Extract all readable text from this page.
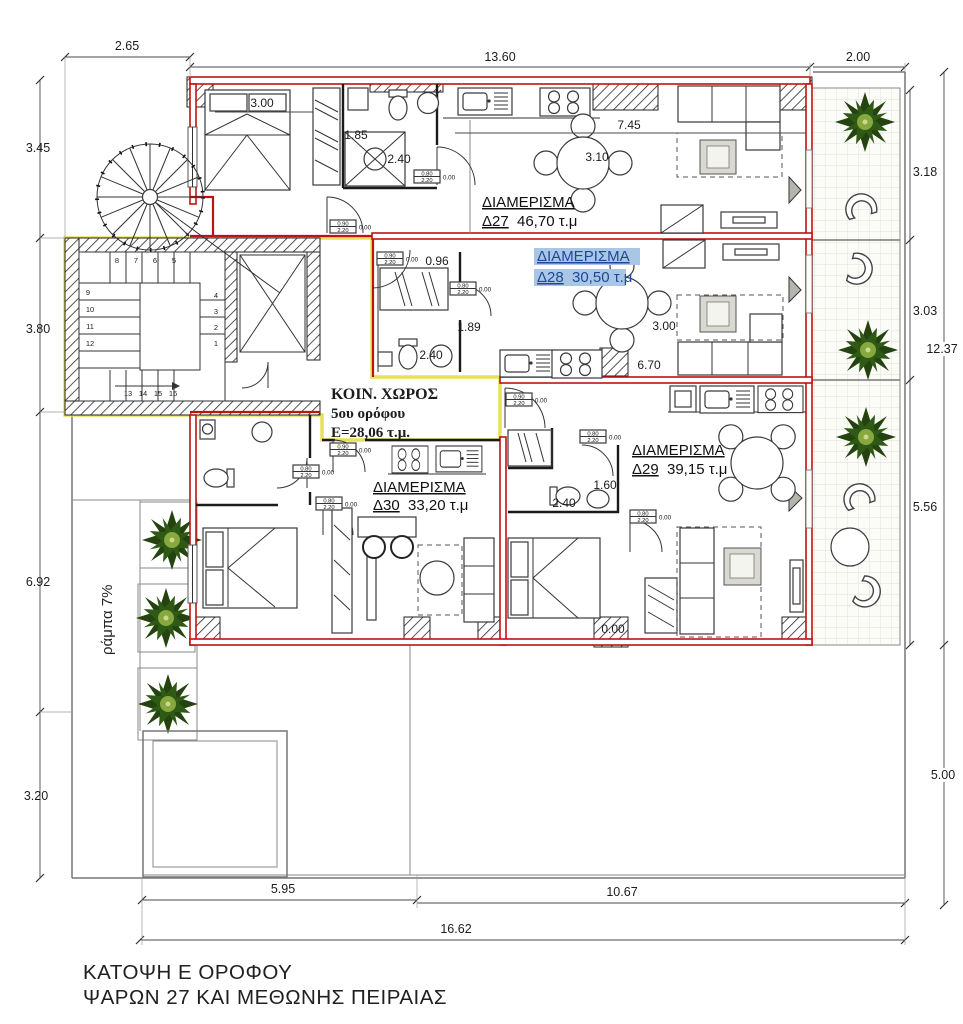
8 7 6 5
9
10
11
12
4
3
2
1
13 14 15 16
0.80
2.20 0.00
0.90
2.20 0.00
0.90
2.20 0.00
0.80
2.20 0.00
0.90
2.20 0.00
0.80
2.20 0.00
0.80
2.20 0.00
0.80
2.20 0.00
0.90
2.20 0.00
0.80
2.20 0.00
3.00
1.85
2.40
7.45
3.10
0.96
1.89
2.40
3.00
6.70
1.60
2.40
0.00
ΔΙΑΜΕΡΙΣΜΑ
Δ27 46,70 τ.μ
ΔΙΑΜΕΡΙΣΜΑ
Δ28 30,50 τ.μ
ΔΙΑΜΕΡΙΣΜΑ
Δ29 39,15 τ.μ
ΔΙΑΜΕΡΙΣΜΑ
Δ30 33,20 τ.μ
ΚΟΙΝ. ΧΩΡΟΣ
5ου ορόφου
Ε=28,06 τ.μ.
ράμπα 7%
2.65
13.60	2.00
3.45
3.80
6.92
3.20
3.18
3.03
5.56
12.37
5.00
5.95	10.67
16.62
ΚΑΤΟΨΗ Ε ΟΡΟΦΟΥ
ΨΑΡΩΝ 27 ΚΑΙ ΜΕΘΩΝΗΣ ΠΕΙΡΑΙΑΣ
